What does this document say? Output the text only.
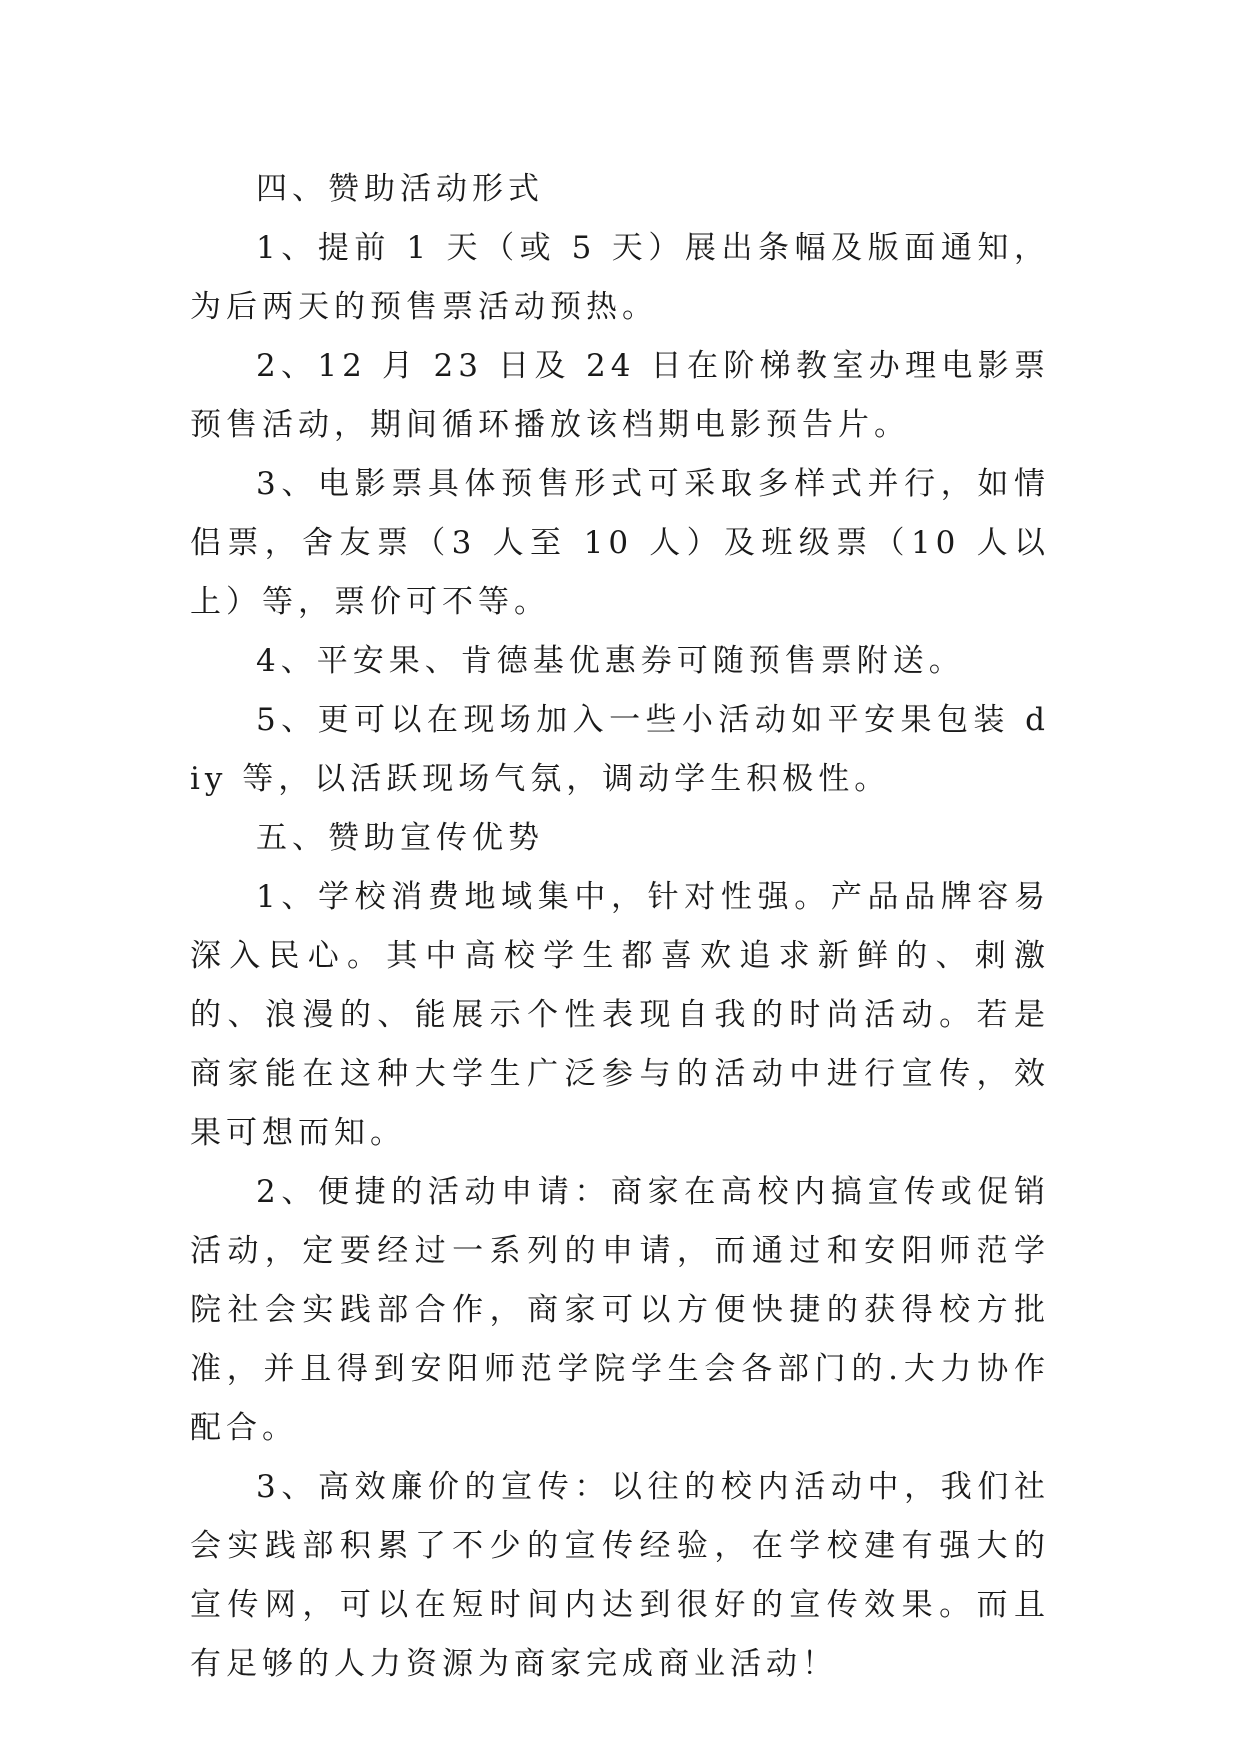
四、赞助活动形式

1、提前 1 天（或 5 天）展出条幅及版面通知，为后两天的预售票活动预热。

2、12 月 23 日及 24 日在阶梯教室办理电影票预售活动，期间循环播放该档期电影预告片。

3、电影票具体预售形式可采取多样式并行，如情侣票，舍友票（3 人至 10 人）及班级票（10 人以上）等，票价可不等。

4、平安果、肯德基优惠券可随预售票附送。

5、更可以在现场加入一些小活动如平安果包装 diy 等，以活跃现场气氛，调动学生积极性。

五、赞助宣传优势

1、学校消费地域集中，针对性强。产品品牌容易深入民心。其中高校学生都喜欢追求新鲜的、刺激的、浪漫的、能展示个性表现自我的时尚活动。若是商家能在这种大学生广泛参与的活动中进行宣传，效果可想而知。

2、便捷的活动申请：商家在高校内搞宣传或促销活动，定要经过一系列的申请，而通过和安阳师范学院社会实践部合作，商家可以方便快捷的获得校方批准，并且得到安阳师范学院学生会各部门的.大力协作配合。

3、高效廉价的宣传：以往的校内活动中，我们社会实践部积累了不少的宣传经验，在学校建有强大的宣传网，可以在短时间内达到很好的宣传效果。而且有足够的人力资源为商家完成商业活动！
